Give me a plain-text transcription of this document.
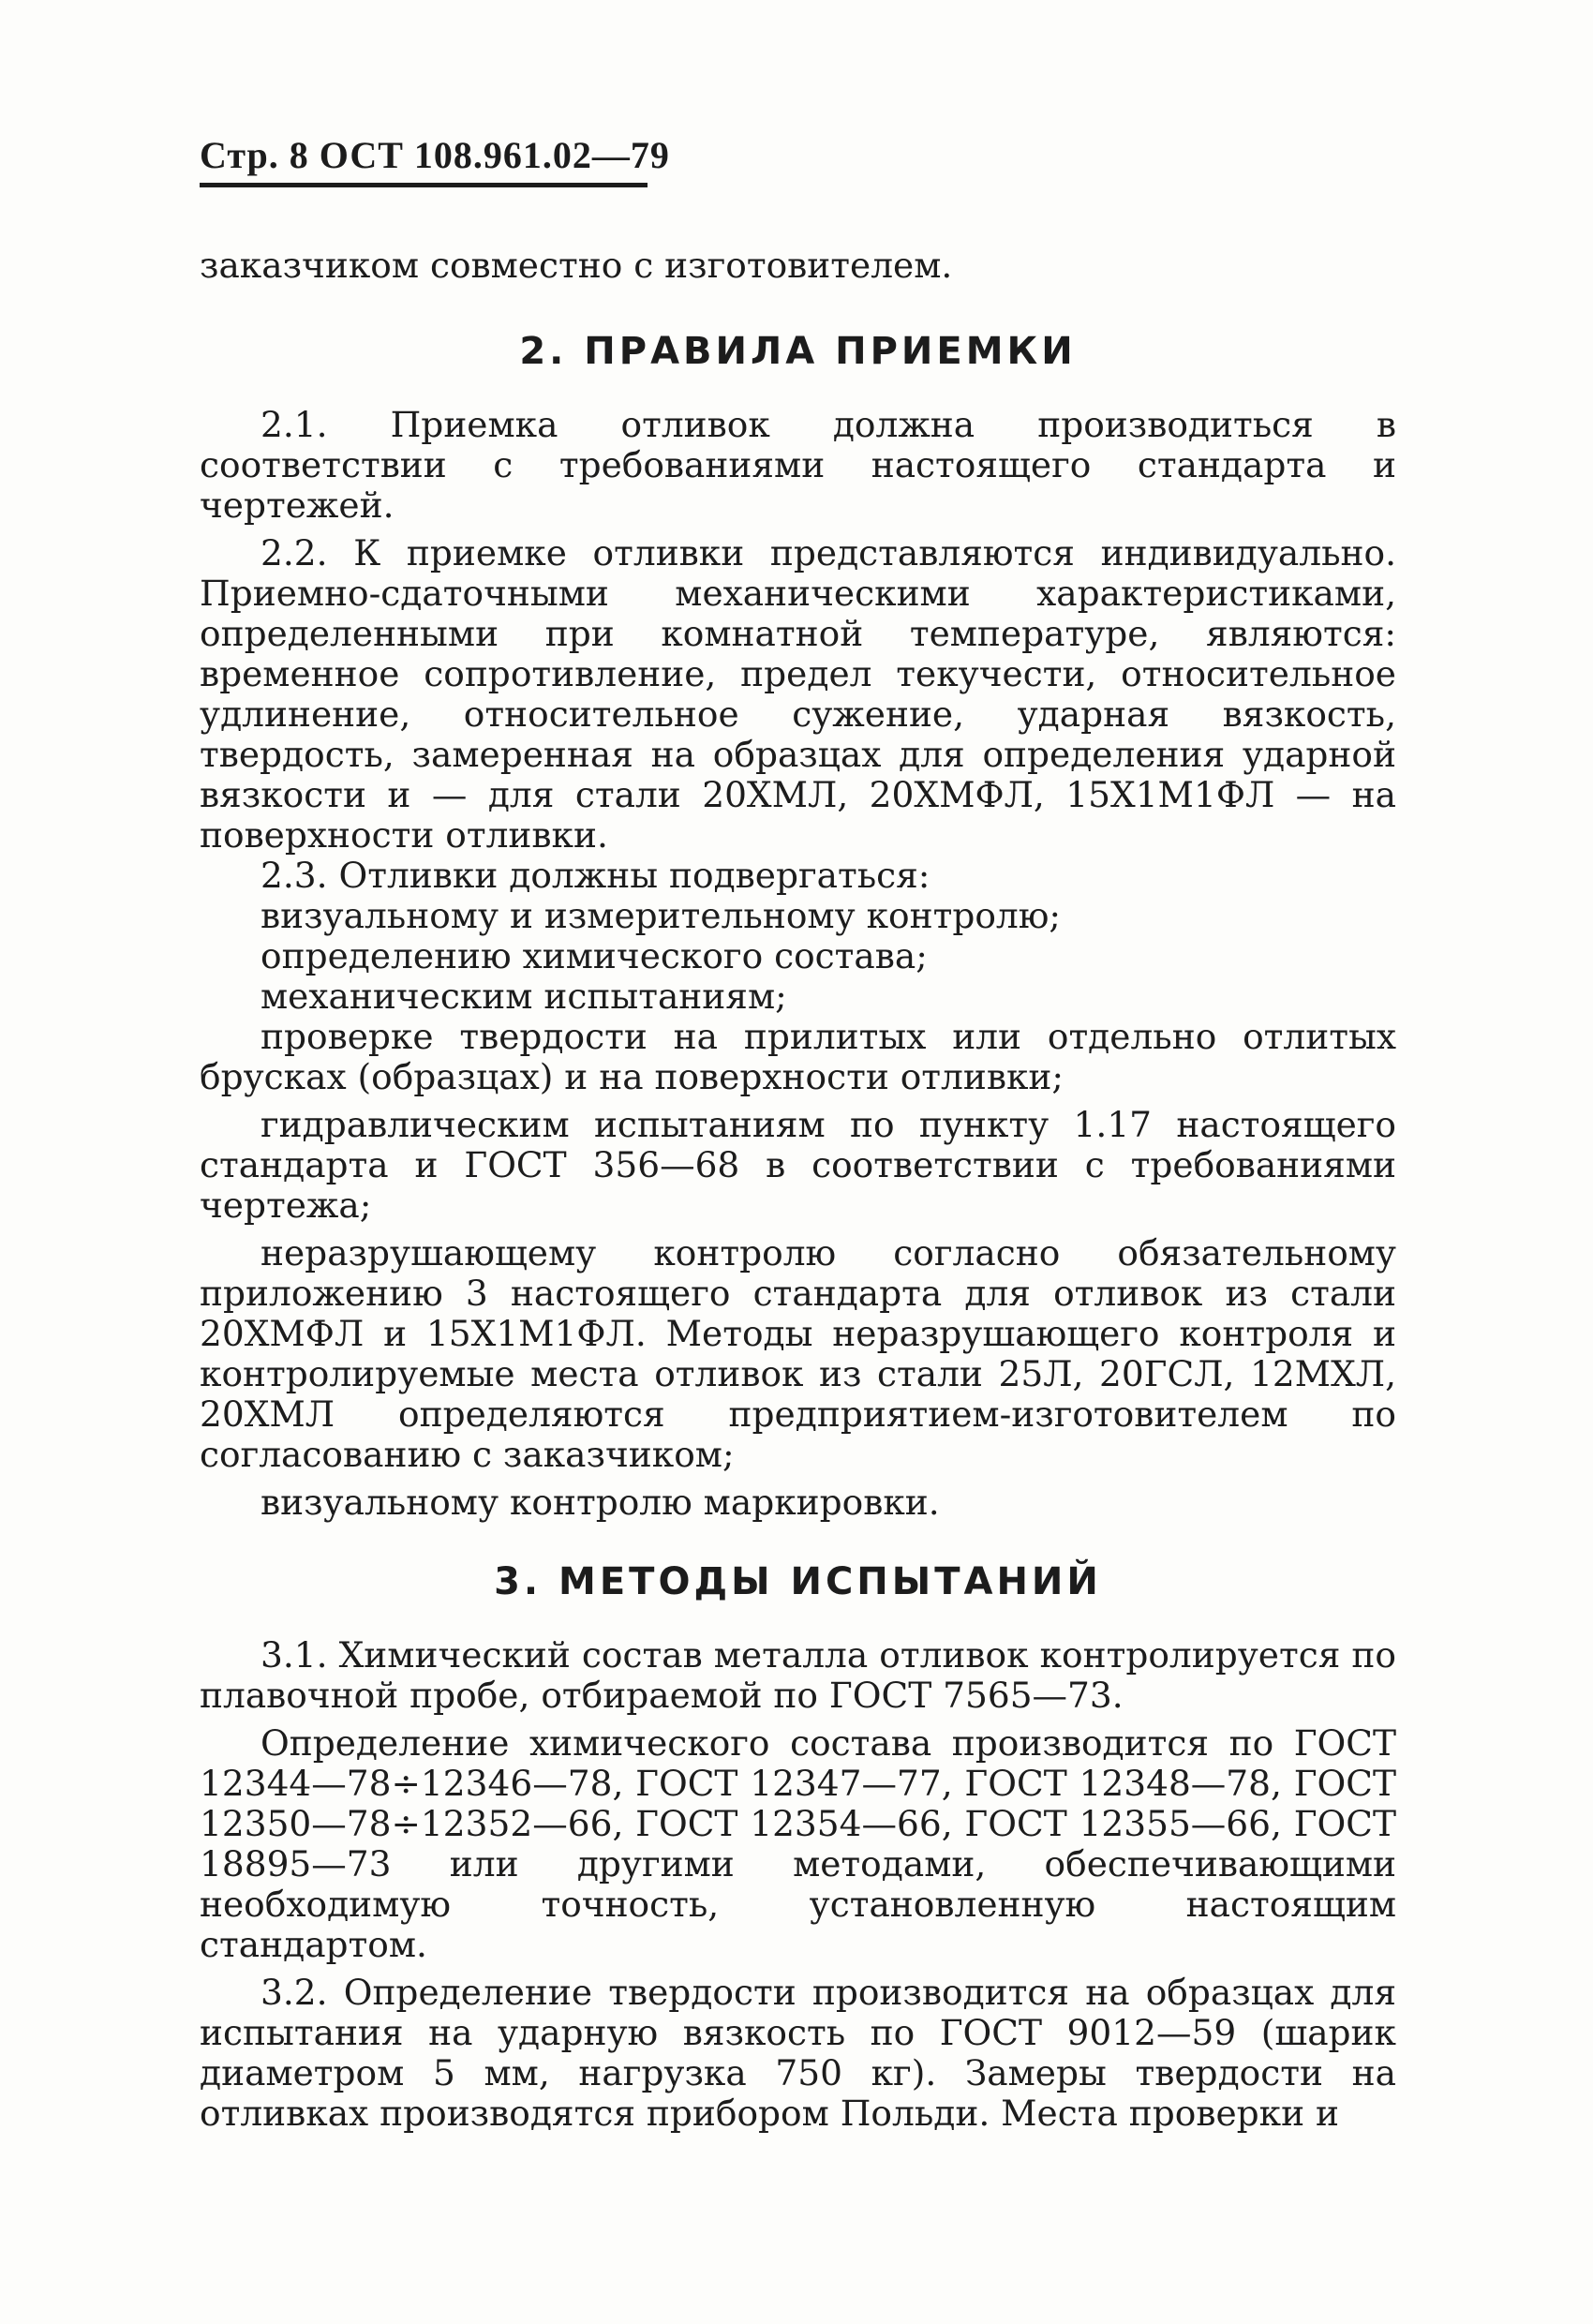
Стр. 8 ОСТ 108.961.02—79

заказчиком совместно с изготовителем.

2. ПРАВИЛА ПРИЕМКИ

2.1. Приемка отливок должна производиться в соответствии с требованиями настоящего стандарта и чертежей.

2.2. К приемке отливки представляются индивидуально. Приемно-сдаточными механическими характеристиками, определенными при комнатной температуре, являются: временное сопротивление, предел текучести, относительное удлинение, относительное сужение, ударная вязкость, твердость, замеренная на образцах для определения ударной вязкости и — для стали 20ХМЛ, 20ХМФЛ, 15Х1М1ФЛ — на поверхности отливки.

2.3. Отливки должны подвергаться:

визуальному и измерительному контролю;

определению химического состава;

механическим испытаниям;

проверке твердости на прилитых или отдельно отлитых брусках (образцах) и на поверхности отливки;

гидравлическим испытаниям по пункту 1.17 настоящего стандарта и ГОСТ 356—68 в соответствии с требованиями чертежа;

неразрушающему контролю согласно обязательному приложению 3 настоящего стандарта для отливок из стали 20ХМФЛ и 15Х1М1ФЛ. Методы неразрушающего контроля и контролируемые места отливок из стали 25Л, 20ГСЛ, 12МХЛ, 20ХМЛ определяются предприятием-изготовителем по согласованию с заказчиком;

визуальному контролю маркировки.

3. МЕТОДЫ ИСПЫТАНИЙ

3.1. Химический состав металла отливок контролируется по плавочной пробе, отбираемой по ГОСТ 7565—73.

Определение химического состава производится по ГОСТ 12344—78÷12346—78, ГОСТ 12347—77, ГОСТ 12348—78, ГОСТ 12350—78÷12352—66, ГОСТ 12354—66, ГОСТ 12355—66, ГОСТ 18895—73 или другими методами, обеспечивающими необходимую точность, установленную настоящим стандартом.

3.2. Определение твердости производится на образцах для испытания на ударную вязкость по ГОСТ 9012—59 (шарик диаметром 5 мм, нагрузка 750 кг). Замеры твердости на отливках производятся прибором Польди. Места проверки и
